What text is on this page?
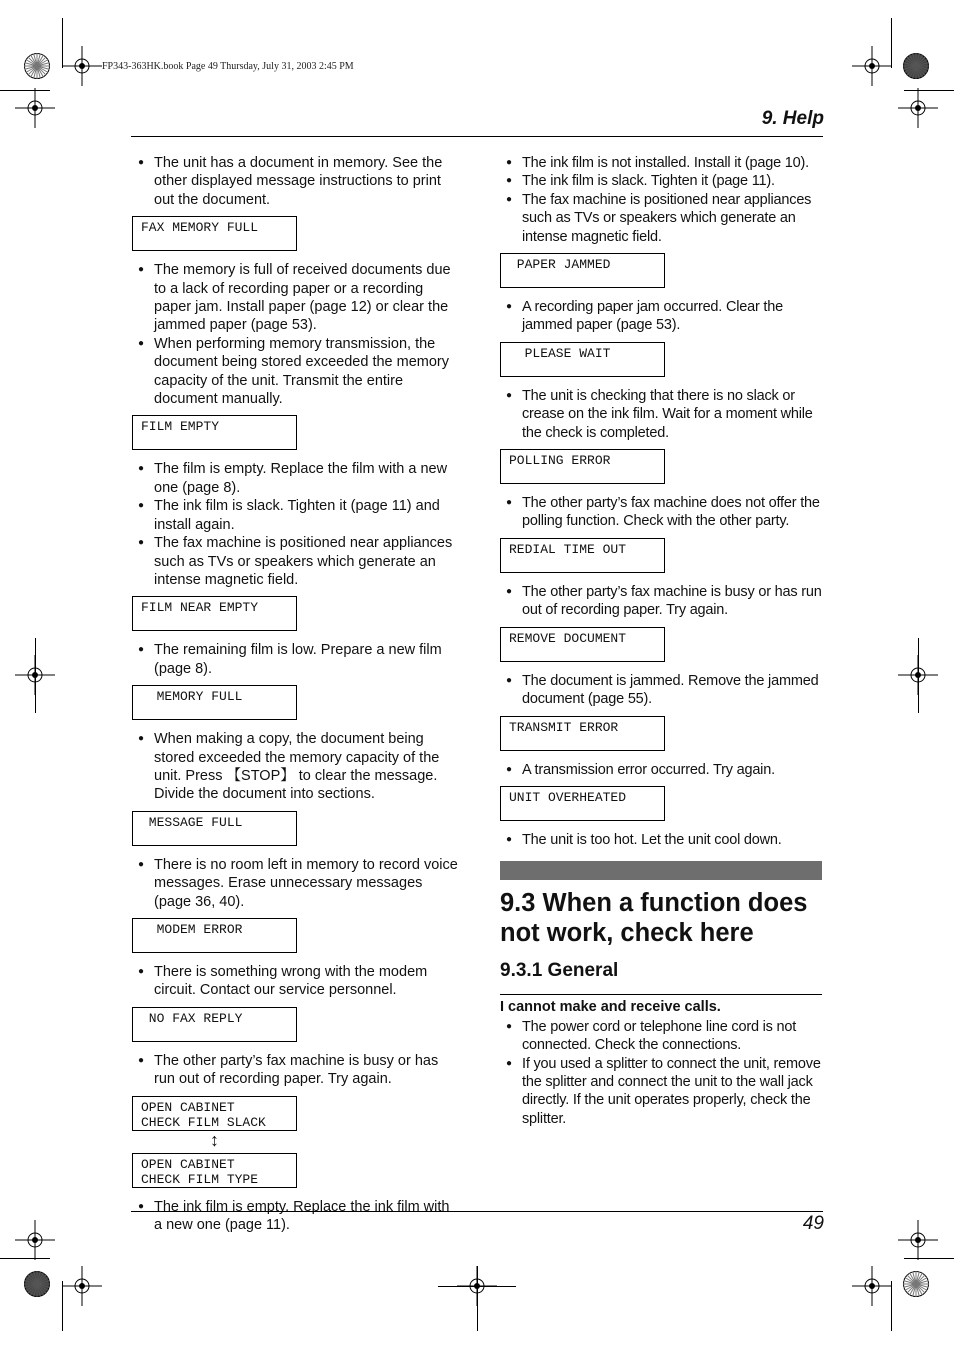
FP343-363HK.book Page 49 Thursday, July 31, 2003 2:45 PM
9. Help
● The unit has a document in memory. See the other displayed message instructions to print out the document.
FAX MEMORY FULL
● The memory is full of received documents due to a lack of recording paper or a recording paper jam. Install paper (page 12) or clear the jammed paper (page 53).
● When performing memory transmission, the document being stored exceeded the memory capacity of the unit. Transmit the entire document manually.
FILM EMPTY
● The film is empty. Replace the film with a new one (page 8).
● The ink film is slack. Tighten it (page 11) and install again.
● The fax machine is positioned near appliances such as TVs or speakers which generate an intense magnetic field.
FILM NEAR EMPTY
● The remaining film is low. Prepare a new film (page 8).
MEMORY FULL
● When making a copy, the document being stored exceeded the memory capacity of the unit. Press 【STOP】 to clear the message. Divide the document into sections.
MESSAGE FULL
● There is no room left in memory to record voice messages. Erase unnecessary messages (page 36, 40).
MODEM ERROR
● There is something wrong with the modem circuit. Contact our service personnel.
NO FAX REPLY
● The other party’s fax machine is busy or has run out of recording paper. Try again.
OPEN CABINET
CHECK FILM SLACK
↕
OPEN CABINET
CHECK FILM TYPE
● The ink film is empty. Replace the ink film with a new one (page 11).
● The ink film is not installed. Install it (page 10).
● The ink film is slack. Tighten it (page 11).
● The fax machine is positioned near appliances such as TVs or speakers which generate an intense magnetic field.
PAPER JAMMED
● A recording paper jam occurred. Clear the jammed paper (page 53).
PLEASE WAIT
● The unit is checking that there is no slack or crease on the ink film. Wait for a moment while the check is completed.
POLLING ERROR
● The other party’s fax machine does not offer the polling function. Check with the other party.
REDIAL TIME OUT
● The other party’s fax machine is busy or has run out of recording paper. Try again.
REMOVE DOCUMENT
● The document is jammed. Remove the jammed document (page 55).
TRANSMIT ERROR
● A transmission error occurred. Try again.
UNIT OVERHEATED
● The unit is too hot. Let the unit cool down.
9.3 When a function does not work, check here
9.3.1 General
I cannot make and receive calls.
● The power cord or telephone line cord is not connected. Check the connections.
● If you used a splitter to connect the unit, remove the splitter and connect the unit to the wall jack directly. If the unit operates properly, check the splitter.
49
